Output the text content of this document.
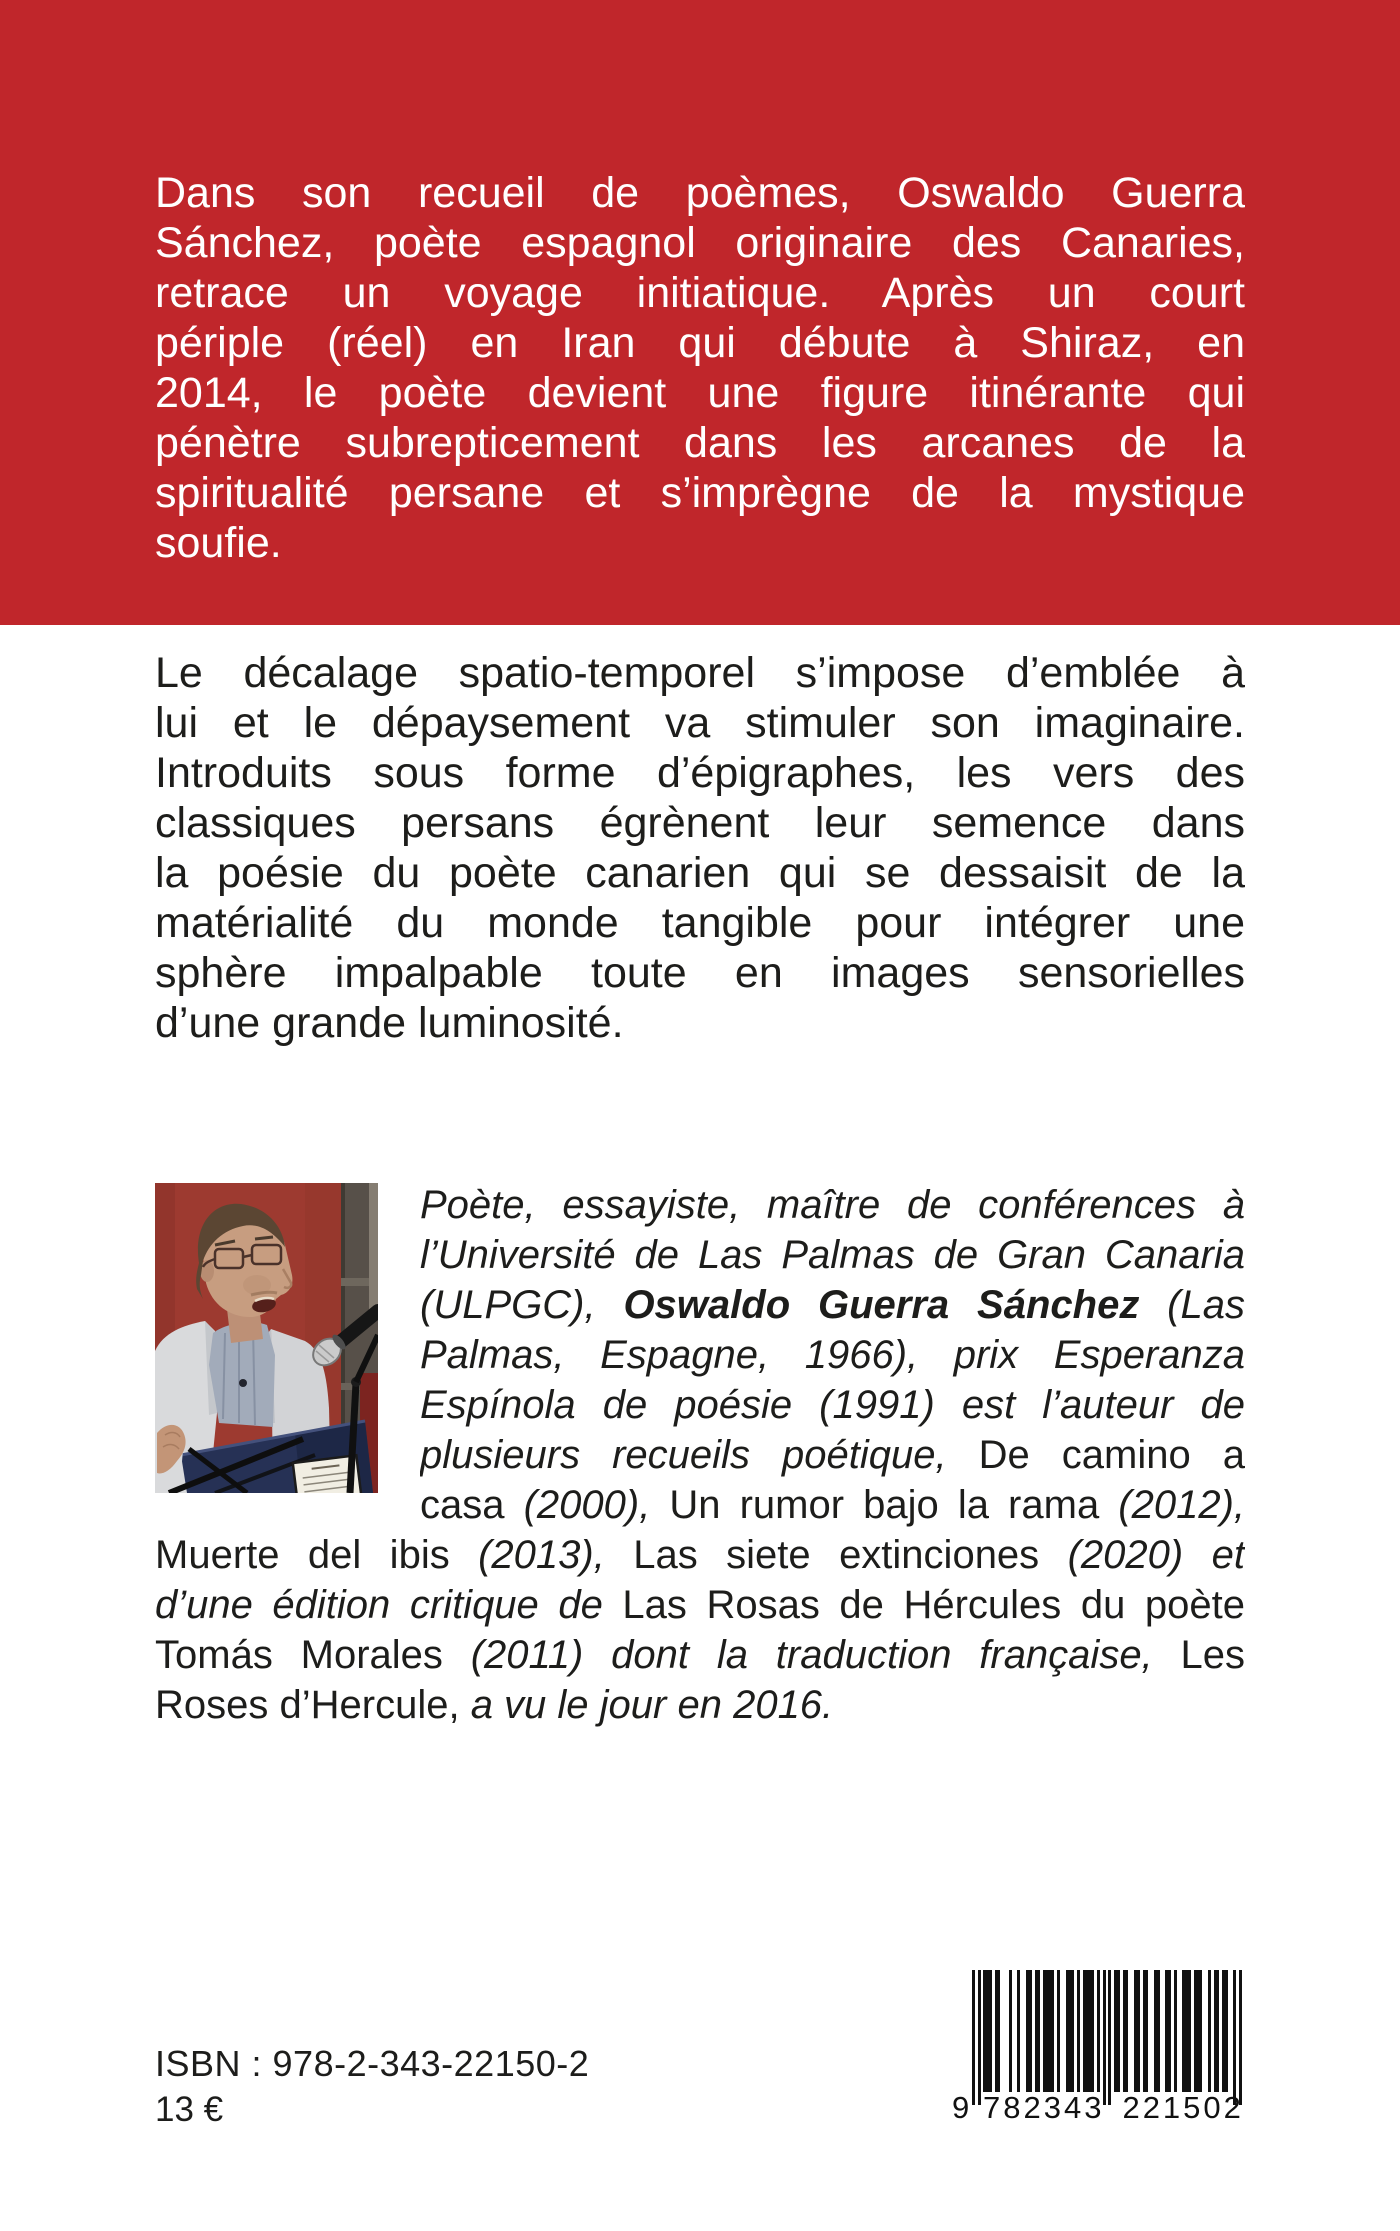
Dans son recueil de poèmes, Oswaldo Guerra
Sánchez, poète espagnol originaire des Canaries,
retrace un voyage initiatique. Après un court
périple (réel) en Iran qui débute à Shiraz, en
2014, le poète devient une figure itinérante qui
pénètre subrepticement dans les arcanes de la
spiritualité persane et s’imprègne de la mystique
soufie.
Le décalage spatio-temporel s’impose d’emblée à
lui et le dépaysement va stimuler son imaginaire.
Introduits sous forme d’épigraphes, les vers des
classiques persans égrènent leur semence dans
la poésie du poète canarien qui se dessaisit de la
matérialité du monde tangible pour intégrer une
sphère impalpable toute en images sensorielles
d’une grande luminosité.
Poète, essayiste, maître de conférences à
l’Université de Las Palmas de Gran Canaria
(ULPGC), Oswaldo Guerra Sánchez (Las
Palmas, Espagne, 1966), prix Esperanza
Espínola de poésie (1991) est l’auteur de
plusieurs recueils poétique, De camino a
casa (2000), Un rumor bajo la rama (2012),
Muerte del ibis (2013), Las siete extinciones (2020) et
d’une édition critique de Las Rosas de Hércules du poète
Tomás Morales (2011) dont la traduction française, Les
Roses d’Hercule, a vu le jour en 2016.
ISBN : 978-2-343-22150-2
13 €	9 782343 221502
